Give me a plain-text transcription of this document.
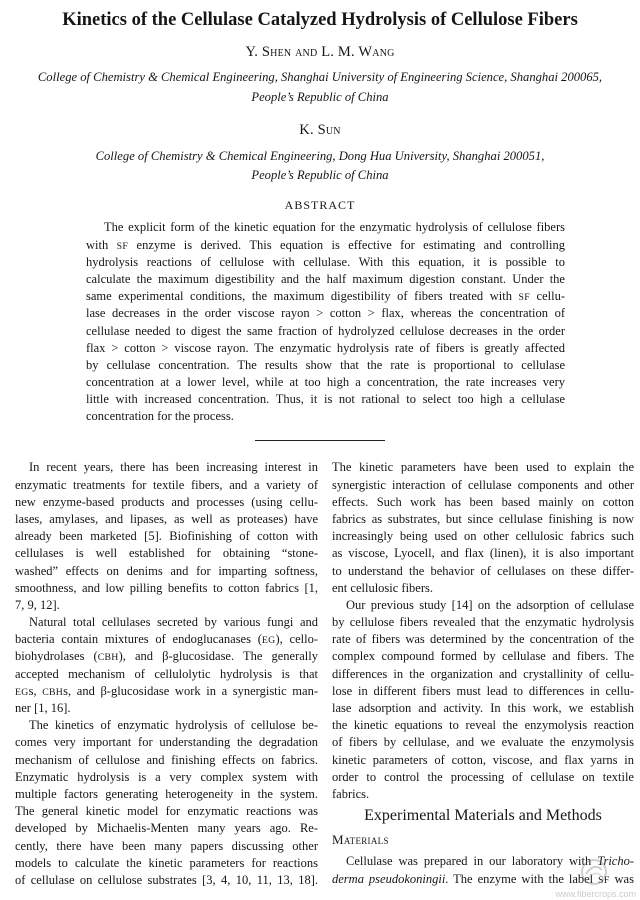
Kinetics of the Cellulase Catalyzed Hydrolysis of Cellulose Fibers
Y. Shen and L. M. Wang
College of Chemistry & Chemical Engineering, Shanghai University of Engineering Science, Shanghai 200065,
People’s Republic of China
K. Sun
College of Chemistry & Chemical Engineering, Dong Hua University, Shanghai 200051,
People’s Republic of China
ABSTRACT
The explicit form of the kinetic equation for the enzymatic hydrolysis of cellulose fibers
with SF enzyme is derived. This equation is effective for estimating and controlling
hydrolysis reactions of cellulose with cellulase. With this equation, it is possible to
calculate the maximum digestibility and the half maximum digestion constant. Under the
same experimental conditions, the maximum digestibility of fibers treated with SF cellu-
lase decreases in the order viscose rayon > cotton > flax, whereas the concentration of
cellulase needed to digest the same fraction of hydrolyzed cellulose decreases in the order
flax > cotton > viscose rayon. The enzymatic hydrolysis rate of fibers is greatly affected
by cellulase concentration. The results show that the rate is proportional to cellulase
concentration at a lower level, while at too high a concentration, the rate increases very
little with increased concentration. Thus, it is not rational to select too high a cellulase
concentration for the process.
In recent years, there has been increasing interest in
enzymatic treatments for textile fibers, and a variety of
new enzyme-based products and processes (using cellu-
lases, amylases, and lipases, as well as proteases) have
already been marketed [5]. Biofinishing of cotton with
cellulases is well established for obtaining “stone-
washed” effects on denims and for imparting softness,
smoothness, and low pilling benefits to cotton fabrics [1,
7, 9, 12].
Natural total cellulases secreted by various fungi and
bacteria contain mixtures of endoglucanases (EG), cello-
biohydrolases (CBH), and β-glucosidase. The generally
accepted mechanism of cellulolytic hydrolysis is that
EGs, CBHs, and β-glucosidase work in a synergistic man-
ner [1, 16].
The kinetics of enzymatic hydrolysis of cellulose be-
comes very important for understanding the degradation
mechanism of cellulose and finishing effects on fabrics.
Enzymatic hydrolysis is a very complex system with
multiple factors generating heterogeneity in the system.
The general kinetic model for enzymatic reactions was
developed by Michaelis-Menten many years ago. Re-
cently, there have been many papers discussing other
models to calculate the kinetic parameters for reactions
of cellulase on cellulose substrates [3, 4, 10, 11, 13, 18].
The kinetic parameters have been used to explain the
synergistic interaction of cellulase components and other
effects. Such work has been based mainly on cotton
fabrics as substrates, but since cellulase finishing is now
increasingly being used on other cellulosic fabrics such
as viscose, Lyocell, and flax (linen), it is also important
to understand the behavior of cellulases on these differ-
ent cellulosic fibers.
Our previous study [14] on the adsorption of cellulase
by cellulose fibers revealed that the enzymatic hydrolysis
rate of fibers was determined by the concentration of the
complex compound formed by cellulase and fibers. The
differences in the organization and crystallinity of cellu-
lose in different fibers must lead to differences in cellu-
lase adsorption and activity. In this work, we establish
the kinetic equations to reveal the enzymolysis reaction
of fibers by cellulase, and we evaluate the enzymolysis
kinetic parameters of cotton, viscose, and flax yarns in
order to control the processing of cellulase on textile
fabrics.
Experimental Materials and Methods
Materials
Cellulase was prepared in our laboratory with Tricho-
derma pseudokoningii. The enzyme with the label SF was
www.fibercrops.com
